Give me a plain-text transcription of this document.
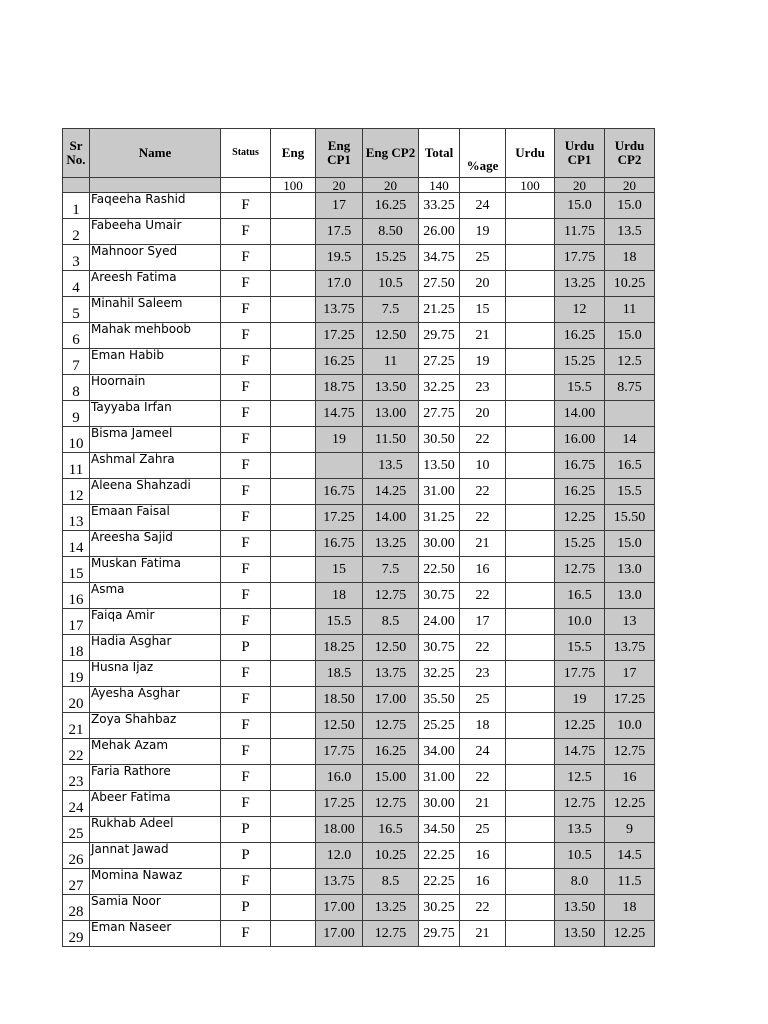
Sr No.	Name	Status	Eng	Eng CP1	Eng CP2	Total	%age	Urdu	Urdu CP1	Urdu CP2
			100	20	20	140		100	20	20
1	Faqeeha Rashid	F		17	16.25	33.25	24		15.0	15.0
2	Fabeeha Umair	F		17.5	8.50	26.00	19		11.75	13.5
3	Mahnoor Syed	F		19.5	15.25	34.75	25		17.75	18
4	Areesh Fatima	F		17.0	10.5	27.50	20		13.25	10.25
5	Minahil Saleem	F		13.75	7.5	21.25	15		12	11
6	Mahak mehboob	F		17.25	12.50	29.75	21		16.25	15.0
7	Eman Habib	F		16.25	11	27.25	19		15.25	12.5
8	Hoornain	F		18.75	13.50	32.25	23		15.5	8.75
9	Tayyaba Irfan	F		14.75	13.00	27.75	20		14.00	
10	Bisma Jameel	F		19	11.50	30.50	22		16.00	14
11	Ashmal Zahra	F			13.5	13.50	10		16.75	16.5
12	Aleena Shahzadi	F		16.75	14.25	31.00	22		16.25	15.5
13	Emaan Faisal	F		17.25	14.00	31.25	22		12.25	15.50
14	Areesha Sajid	F		16.75	13.25	30.00	21		15.25	15.0
15	Muskan Fatima	F		15	7.5	22.50	16		12.75	13.0
16	Asma	F		18	12.75	30.75	22		16.5	13.0
17	Faiqa Amir	F		15.5	8.5	24.00	17		10.0	13
18	Hadia Asghar	P		18.25	12.50	30.75	22		15.5	13.75
19	Husna Ijaz	F		18.5	13.75	32.25	23		17.75	17
20	Ayesha Asghar	F		18.50	17.00	35.50	25		19	17.25
21	Zoya Shahbaz	F		12.50	12.75	25.25	18		12.25	10.0
22	Mehak Azam	F		17.75	16.25	34.00	24		14.75	12.75
23	Faria Rathore	F		16.0	15.00	31.00	22		12.5	16
24	Abeer Fatima	F		17.25	12.75	30.00	21		12.75	12.25
25	Rukhab Adeel	P		18.00	16.5	34.50	25		13.5	9
26	Jannat Jawad	P		12.0	10.25	22.25	16		10.5	14.5
27	Momina Nawaz	F		13.75	8.5	22.25	16		8.0	11.5
28	Samia Noor	P		17.00	13.25	30.25	22		13.50	18
29	Eman Naseer	F		17.00	12.75	29.75	21		13.50	12.25
